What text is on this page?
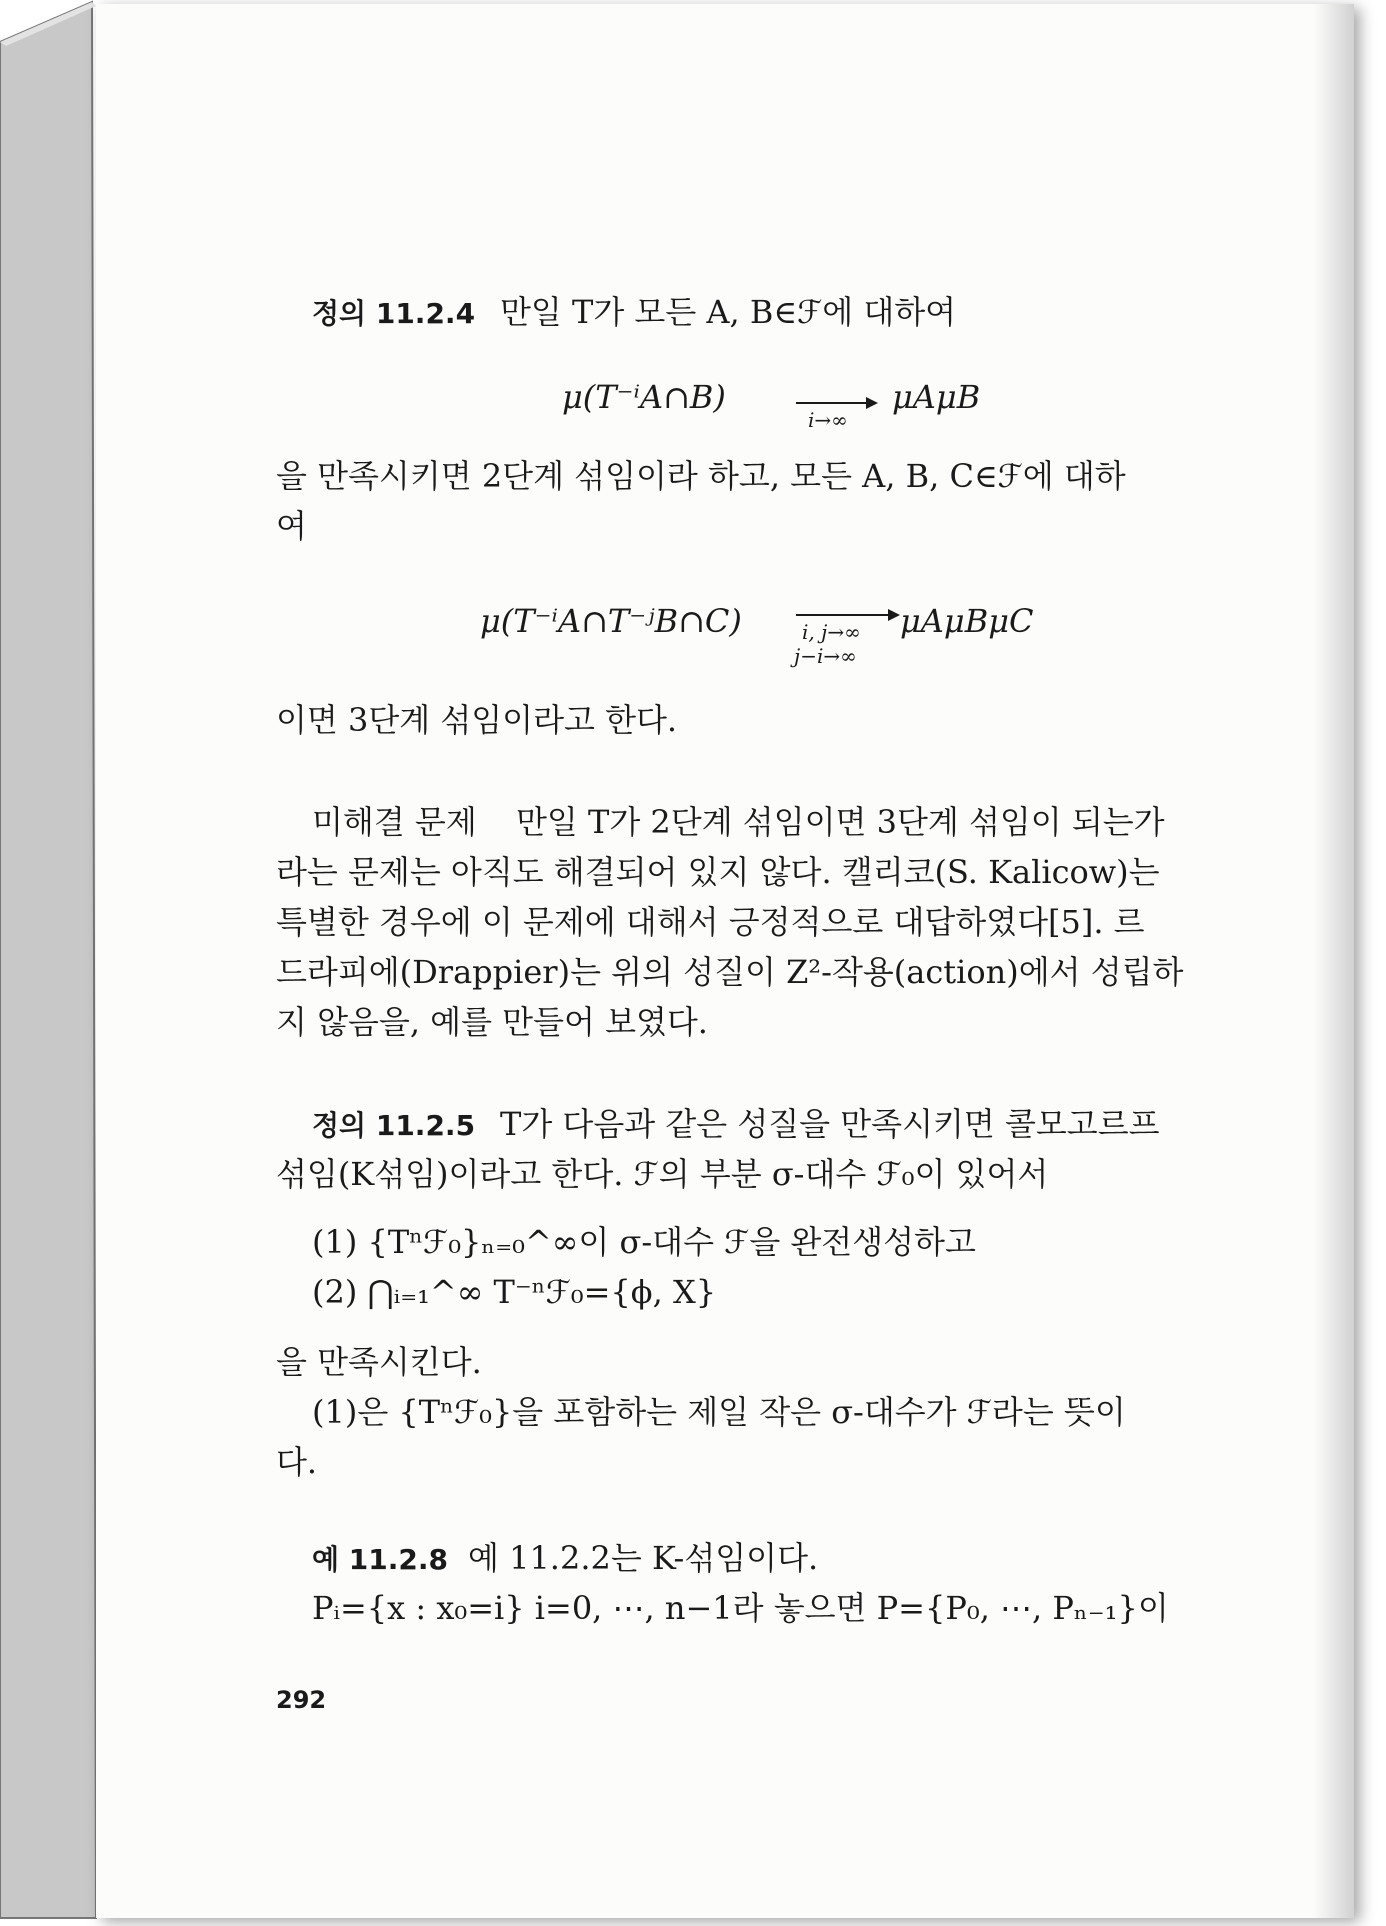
정의 11.2.4 만일 T가 모든 A, B∈ℱ에 대하여
μ(T⁻ⁱA∩B)
i→∞
μAμB
을 만족시키면 2단계 섞임이라 하고, 모든 A, B, C∈ℱ에 대하
여
μ(T⁻ⁱA∩T⁻ʲB∩C)	i, j→∞
j−i→∞
μAμBμC
이면 3단계 섞임이라고 한다.
미해결 문제 만일 T가 2단계 섞임이면 3단계 섞임이 되는가
라는 문제는 아직도 해결되어 있지 않다. 캘리코(S. Kalicow)는
특별한 경우에 이 문제에 대해서 긍정적으로 대답하였다[5]. 르
드라피에(Drappier)는 위의 성질이 Z²-작용(action)에서 성립하
지 않음을, 예를 만들어 보였다.
정의 11.2.5 T가 다음과 같은 성질을 만족시키면 콜모고르프
섞임(K섞임)이라고 한다. ℱ의 부분 σ-대수 ℱ₀이 있어서
(1) {Tⁿℱ₀}ₙ₌₀^∞이 σ-대수 ℱ을 완전생성하고
(2) ⋂ᵢ₌₁^∞ T⁻ⁿℱ₀={ϕ, X}
을 만족시킨다.
(1)은 {Tⁿℱ₀}을 포함하는 제일 작은 σ-대수가 ℱ라는 뜻이
다.
예 11.2.8 예 11.2.2는 K-섞임이다.
Pᵢ={x : x₀=i} i=0, ⋯, n−1라 놓으면 P={P₀, ⋯, Pₙ₋₁}이
292
